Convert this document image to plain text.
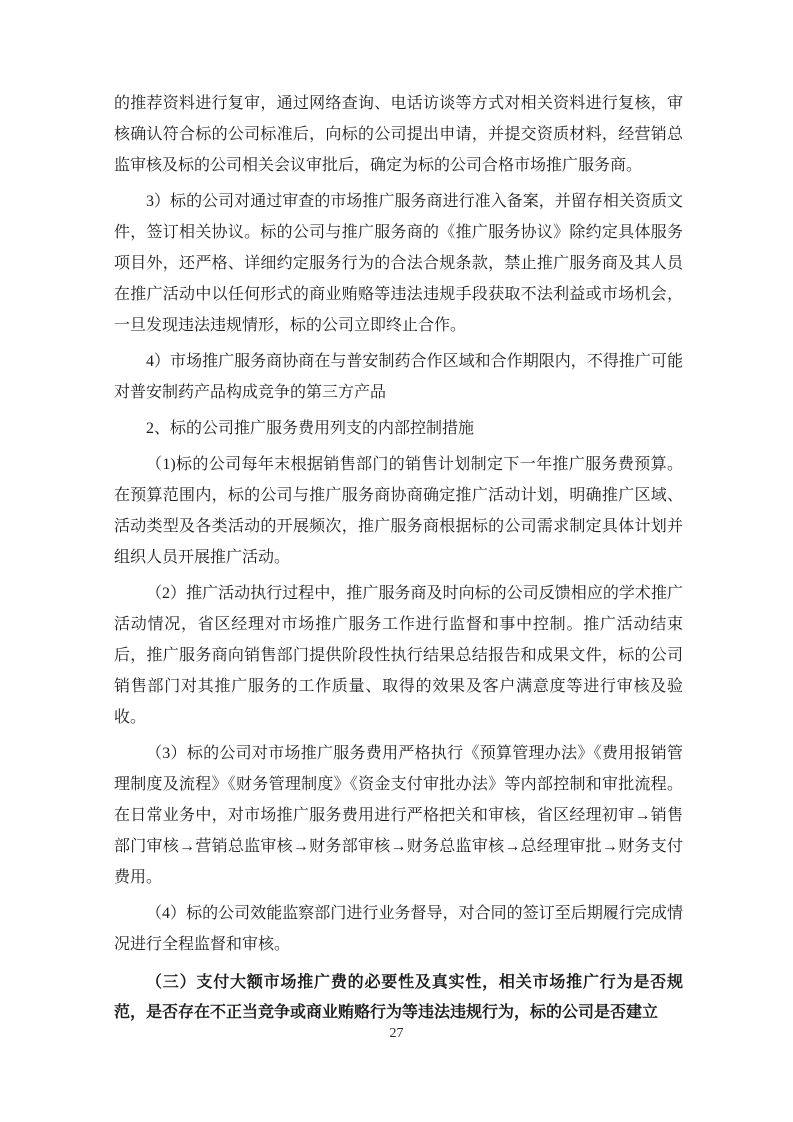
的推荐资料进行复审，通过网络查询、电话访谈等方式对相关资料进行复核，审核确认符合标的公司标准后，向标的公司提出申请，并提交资质材料，经营销总监审核及标的公司相关会议审批后，确定为标的公司合格市场推广服务商。

3）标的公司对通过审查的市场推广服务商进行准入备案，并留存相关资质文件，签订相关协议。标的公司与推广服务商的《推广服务协议》除约定具体服务项目外，还严格、详细约定服务行为的合法合规条款，禁止推广服务商及其人员在推广活动中以任何形式的商业贿赂等违法违规手段获取不法利益或市场机会，一旦发现违法违规情形，标的公司立即终止合作。

4）市场推广服务商协商在与普安制药合作区域和合作期限内，不得推广可能对普安制药产品构成竞争的第三方产品

2、标的公司推广服务费用列支的内部控制措施

（1)标的公司每年末根据销售部门的销售计划制定下一年推广服务费预算。在预算范围内，标的公司与推广服务商协商确定推广活动计划，明确推广区域、活动类型及各类活动的开展频次，推广服务商根据标的公司需求制定具体计划并组织人员开展推广活动。

（2）推广活动执行过程中，推广服务商及时向标的公司反馈相应的学术推广活动情况，省区经理对市场推广服务工作进行监督和事中控制。推广活动结束后，推广服务商向销售部门提供阶段性执行结果总结报告和成果文件，标的公司销售部门对其推广服务的工作质量、取得的效果及客户满意度等进行审核及验收。

（3）标的公司对市场推广服务费用严格执行《预算管理办法》《费用报销管理制度及流程》《财务管理制度》《资金支付审批办法》等内部控制和审批流程。在日常业务中，对市场推广服务费用进行严格把关和审核，省区经理初审→销售部门审核→营销总监审核→财务部审核→财务总监审核→总经理审批→财务支付费用。

（4）标的公司效能监察部门进行业务督导，对合同的签订至后期履行完成情况进行全程监督和审核。

（三）支付大额市场推广费的必要性及真实性，相关市场推广行为是否规范，是否存在不正当竞争或商业贿赂行为等违法违规行为，标的公司是否建立

27
